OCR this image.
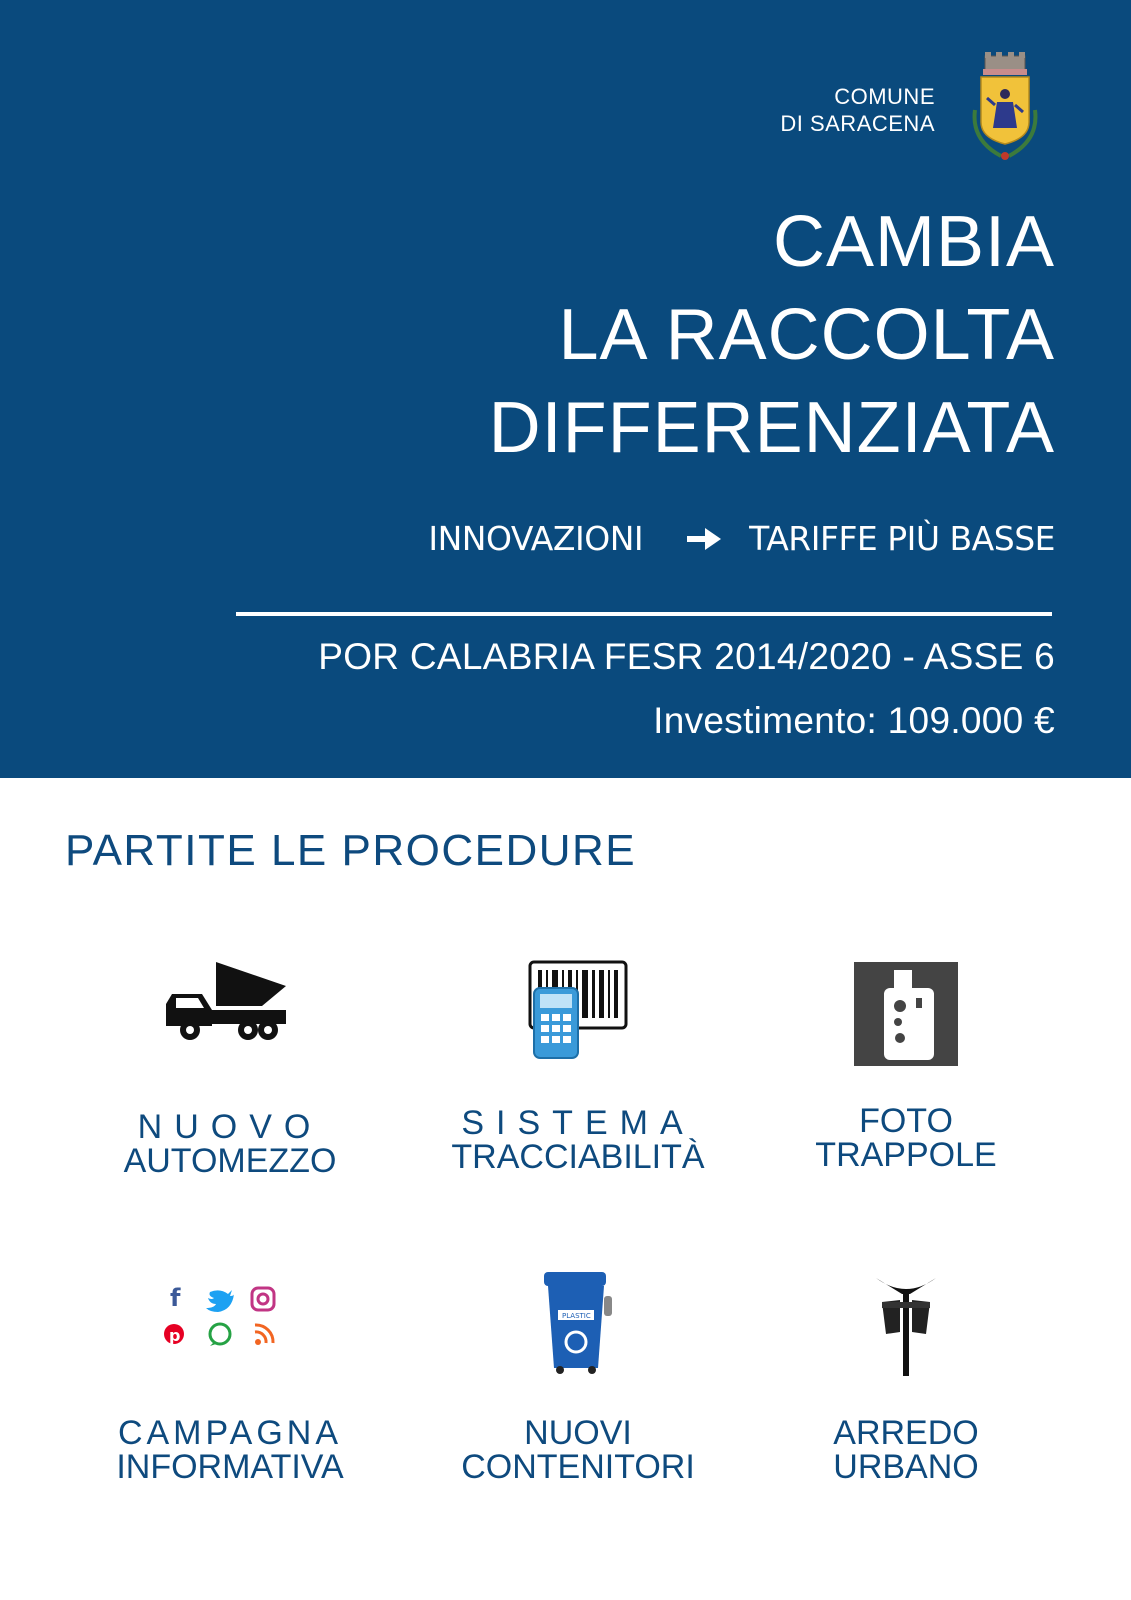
COMUNE
DI SARACENA
CAMBIA
LA RACCOLTA
DIFFERENZIATA
INNOVAZIONI	TARIFFE PIÙ BASSE
POR CALABRIA FESR 2014/2020 - ASSE 6
Investimento: 109.000 €
PARTITE LE PROCEDURE
NUOVO
AUTOMEZZO
SISTEMA
TRACCIABILITÀ
FOTO
TRAPPOLE
f
p
CAMPAGNA
INFORMATIVA
PLASTIC
NUOVI
CONTENITORI
ARREDO
URBANO
